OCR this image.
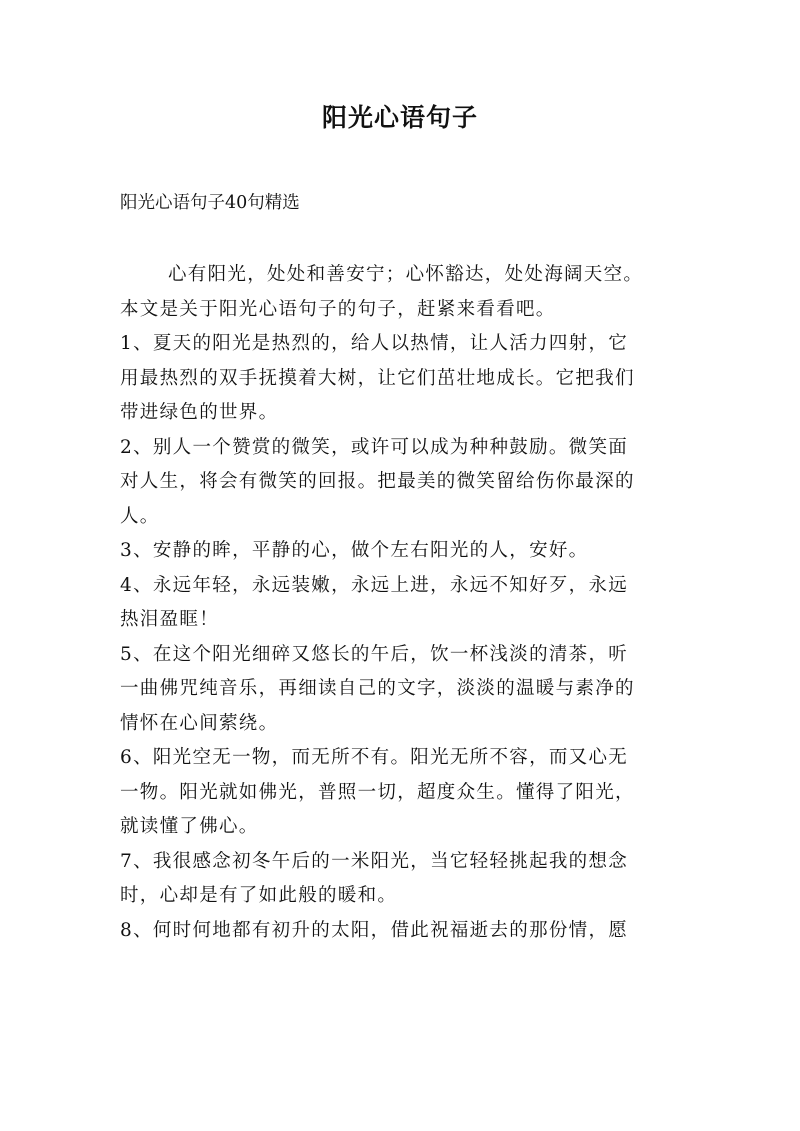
阳光心语句子
阳光心语句子40句精选
心有阳光，处处和善安宁；心怀豁达，处处海阔天空。
本文是关于阳光心语句子的句子，赶紧来看看吧。
1、夏天的阳光是热烈的，给人以热情，让人活力四射，它
用最热烈的双手抚摸着大树，让它们茁壮地成长。它把我们
带进绿色的世界。
2、别人一个赞赏的微笑，或许可以成为种种鼓励。微笑面
对人生，将会有微笑的回报。把最美的微笑留给伤你最深的
人。
3、安静的眸，平静的心，做个左右阳光的人，安好。
4、永远年轻，永远装嫩，永远上进，永远不知好歹，永远
热泪盈眶！
5、在这个阳光细碎又悠长的午后，饮一杯浅淡的清茶，听
一曲佛咒纯音乐，再细读自己的文字，淡淡的温暖与素净的
情怀在心间萦绕。
6、阳光空无一物，而无所不有。阳光无所不容，而又心无
一物。阳光就如佛光，普照一切，超度众生。懂得了阳光，
就读懂了佛心。
7、我很感念初冬午后的一米阳光，当它轻轻挑起我的想念
时，心却是有了如此般的暖和。
8、何时何地都有初升的太阳，借此祝福逝去的那份情，愿
